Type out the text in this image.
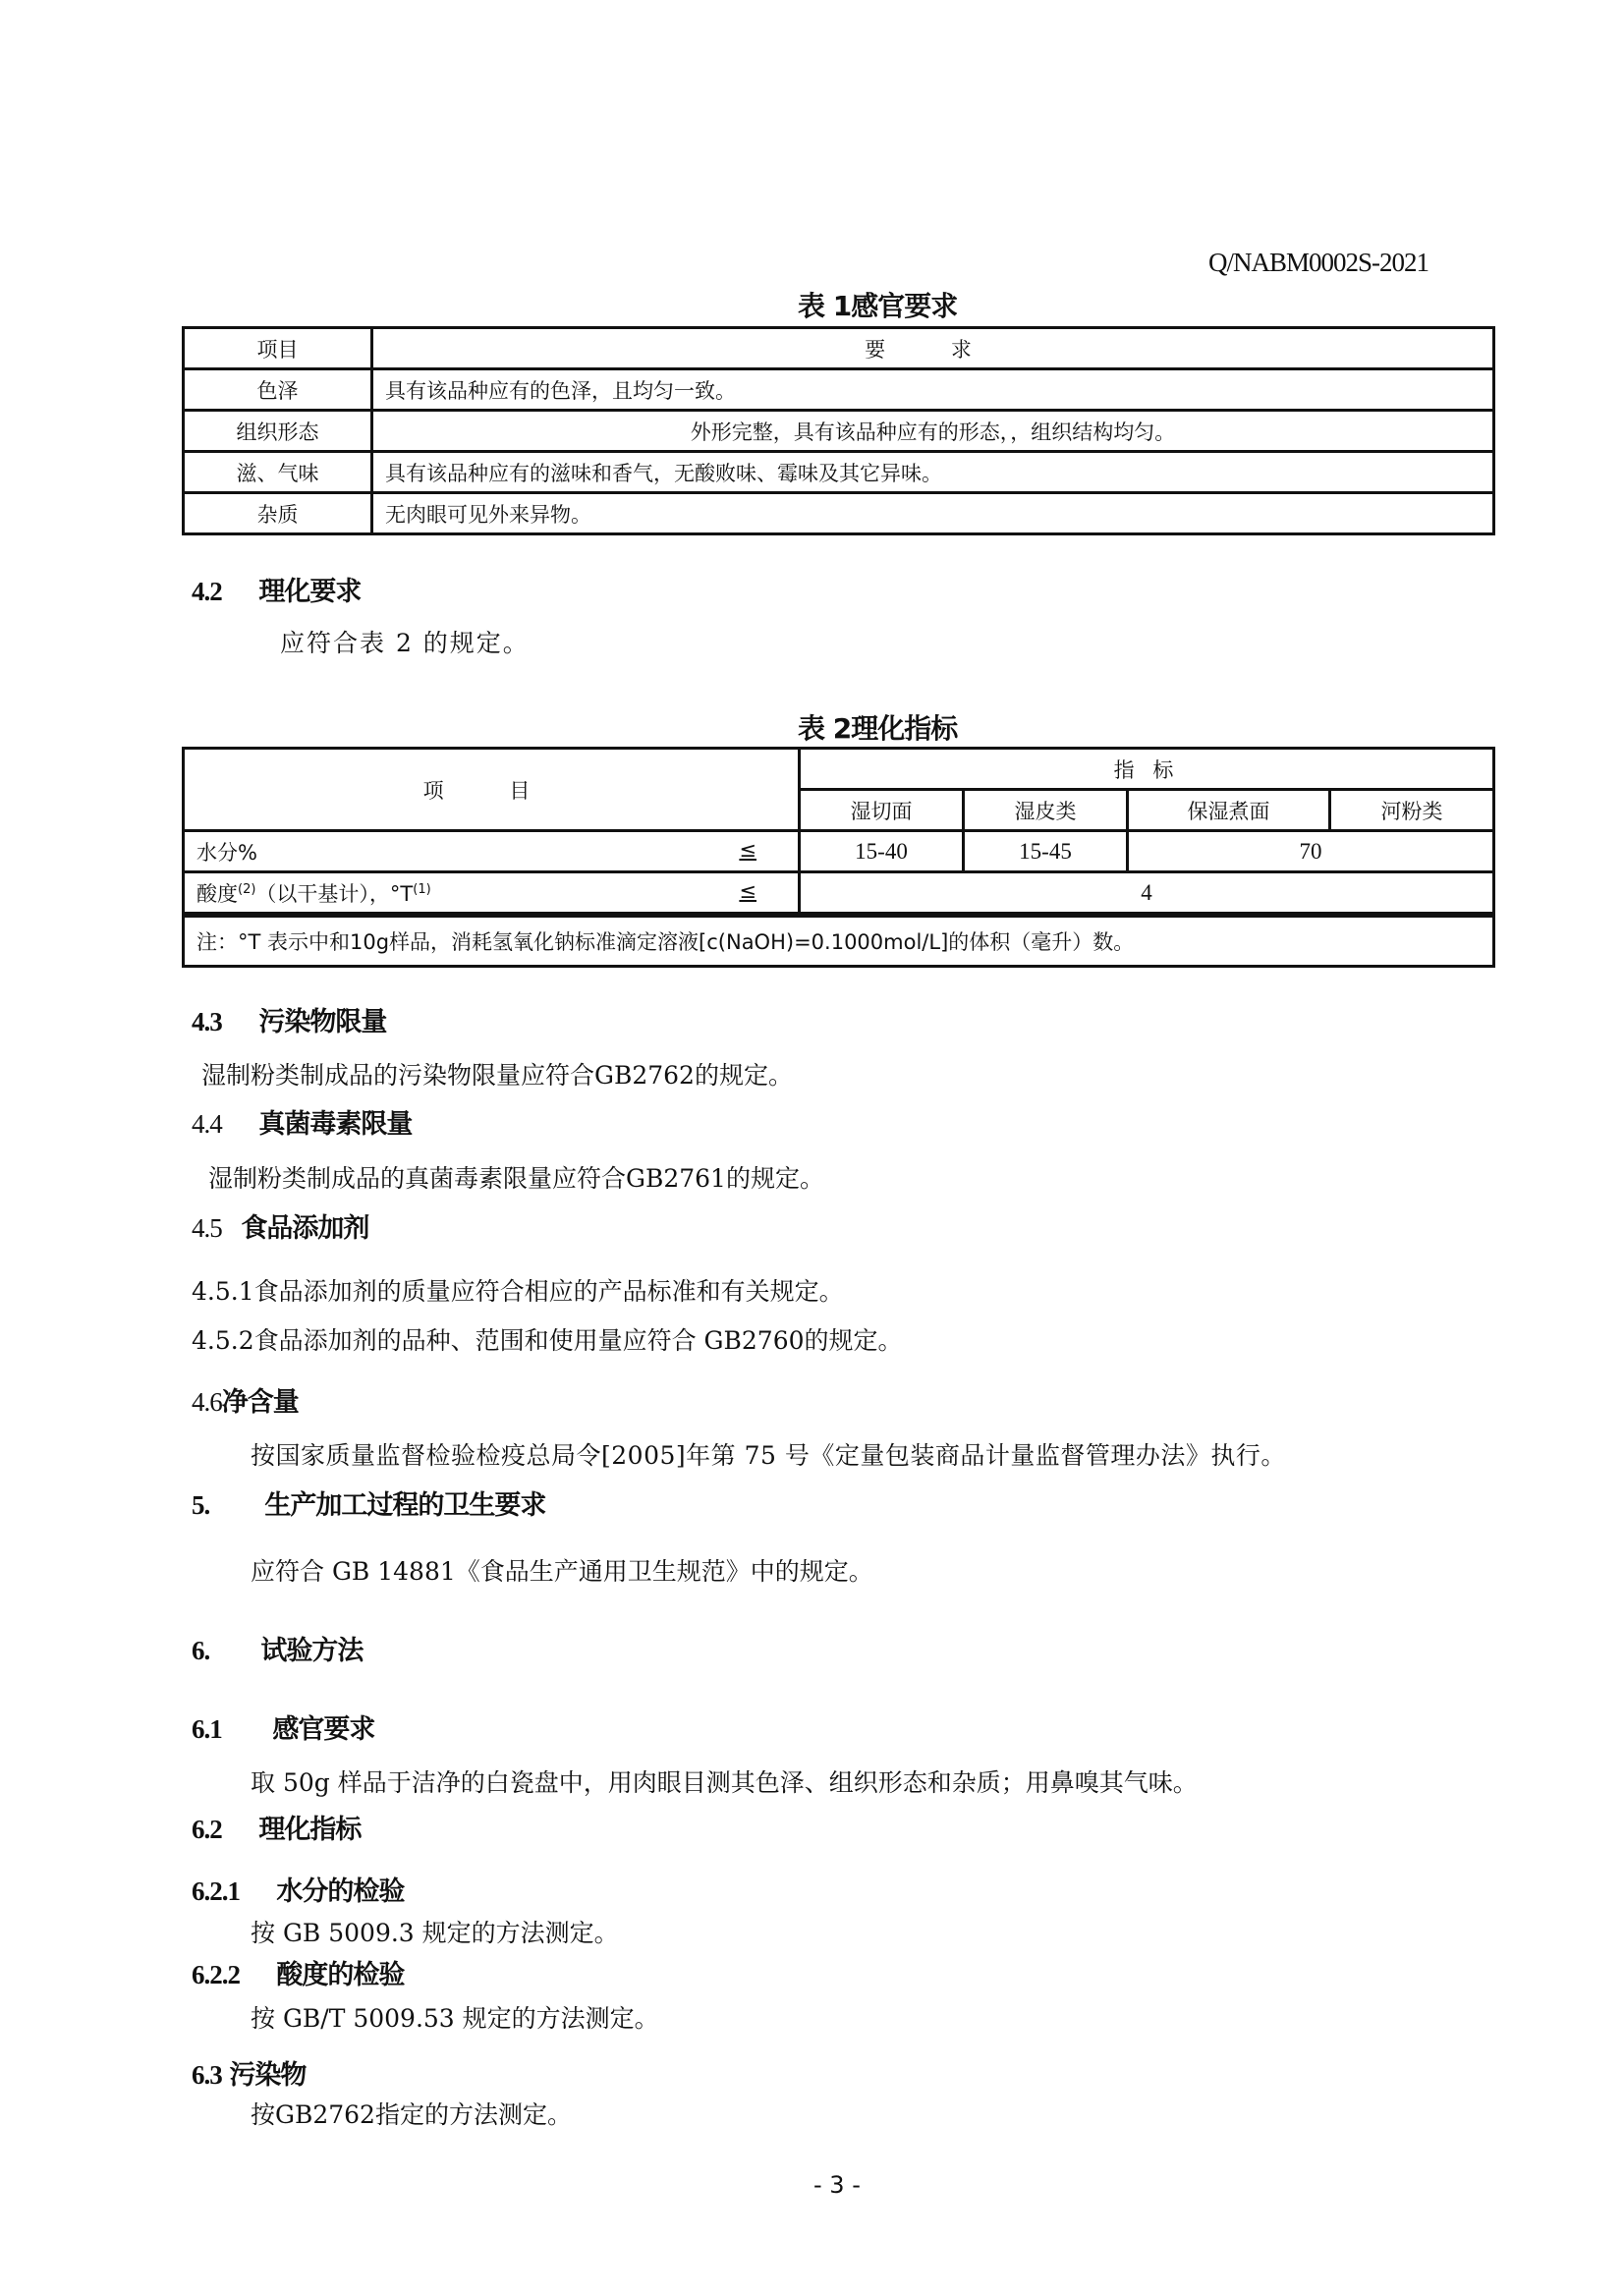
Q/NABM0002S-2021
表 1感官要求
项目	要 求
色泽	具有该品种应有的色泽，且均匀一致。
组织形态	外形完整，具有该品种应有的形态，，组织结构均匀。
滋、气味	具有该品种应有的滋味和香气，无酸败味、霉味及其它异味。
杂质	无肉眼可见外来异物。
4.2 理化要求
应符合表 2 的规定。
表 2理化指标
项 目	指 标			
	湿切面	湿皮类	保湿煮面	河粉类
水分% ≤	15-40	15-45	70	
酸度$^{(2)}$（以干基计），$^\circ T^{(1)}$ ≤	4			
注：°T 表示中和10g样品，消耗氢氧化钠标准滴定溶液[c(NaOH)=0.1000mol/L]的体积（毫升）数。				
4.3 污染物限量
湿制粉类制成品的污染物限量应符合GB2762的规定。
4.4 真菌毒素限量
湿制粉类制成品的真菌毒素限量应符合GB2761的规定。
4.5 食品添加剂
4.5.1食品添加剂的质量应符合相应的产品标准和有关规定。
4.5.2食品添加剂的品种、范围和使用量应符合 GB2760的规定。
4.6净含量
按国家质量监督检验检疫总局令[2005]年第 75 号《定量包装商品计量监督管理办法》执行。
5. 生产加工过程的卫生要求
应符合 GB 14881《食品生产通用卫生规范》中的规定。
6. 试验方法
6.1 感官要求
取 50g 样品于洁净的白瓷盘中，用肉眼目测其色泽、组织形态和杂质；用鼻嗅其气味。
6.2 理化指标
6.2.1 水分的检验
按 GB 5009.3 规定的方法测定。
6.2.2 酸度的检验
按 GB/T 5009.53 规定的方法测定。
6.3 污染物
按GB2762指定的方法测定。
- 3 -
